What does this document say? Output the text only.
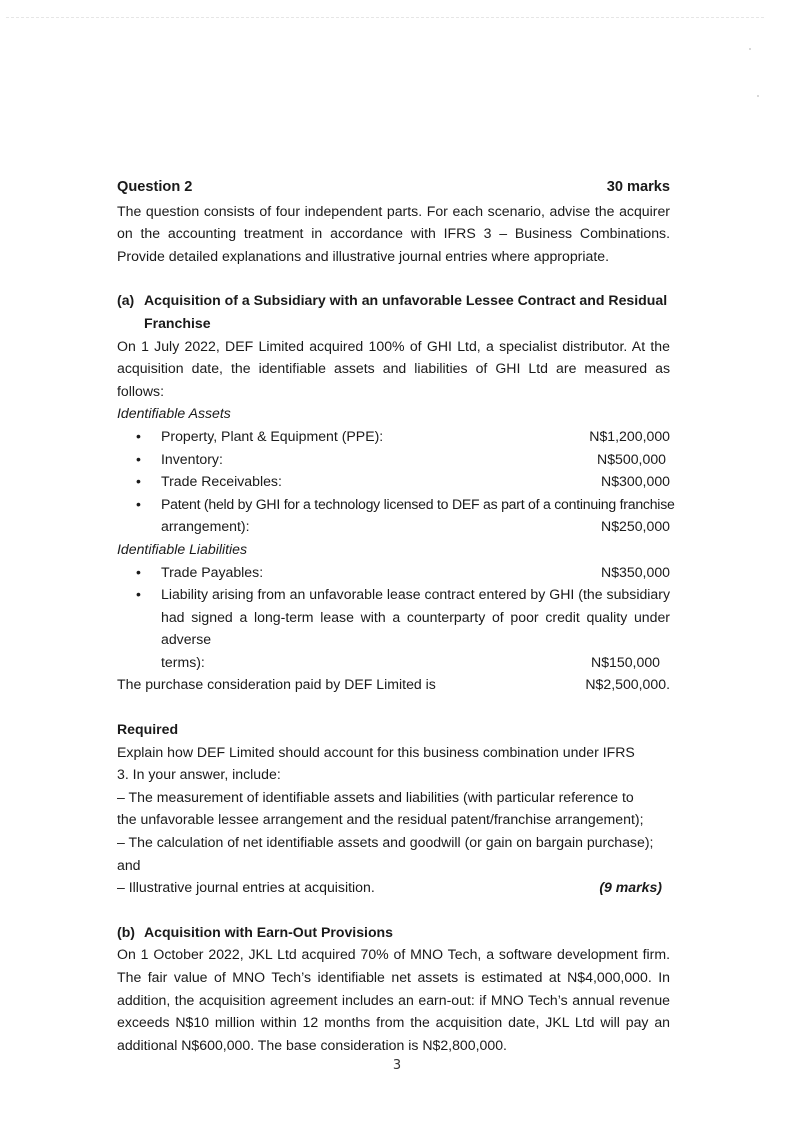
Question 2	30 marks

The question consists of four independent parts. For each scenario, advise the acquirer on the accounting treatment in accordance with IFRS 3 – Business Combinations. Provide detailed explanations and illustrative journal entries where appropriate.

(a) Acquisition of a Subsidiary with an unfavorable Lessee Contract and Residual Franchise

On 1 July 2022, DEF Limited acquired 100% of GHI Ltd, a specialist distributor. At the acquisition date, the identifiable assets and liabilities of GHI Ltd are measured as follows:

Identifiable Assets

• Property, Plant & Equipment (PPE):	N$1,200,000
• Inventory:	N$500,000
• Trade Receivables:	N$300,000
• Patent (held by GHI for a technology licensed to DEF as part of a continuing franchise
arrangement):	N$250,000

Identifiable Liabilities

• Trade Payables:	N$350,000
• Liability arising from an unfavorable lease contract entered by GHI (the subsidiary had signed a long-term lease with a counterparty of poor credit quality under adverse
terms):	N$150,000
The purchase consideration paid by DEF Limited is	N$2,500,000.

Required

Explain how DEF Limited should account for this business combination under IFRS 3. In your answer, include:

– The measurement of identifiable assets and liabilities (with particular reference to the unfavorable lessee arrangement and the residual patent/franchise arrangement);

– The calculation of net identifiable assets and goodwill (or gain on bargain purchase); and

– Illustrative journal entries at acquisition.	(9 marks)
(b) Acquisition with Earn-Out Provisions

On 1 October 2022, JKL Ltd acquired 70% of MNO Tech, a software development firm. The fair value of MNO Tech’s identifiable net assets is estimated at N$4,000,000. In addition, the acquisition agreement includes an earn-out: if MNO Tech’s annual revenue exceeds N$10 million within 12 months from the acquisition date, JKL Ltd will pay an additional N$600,000. The base consideration is N$2,800,000.

3
